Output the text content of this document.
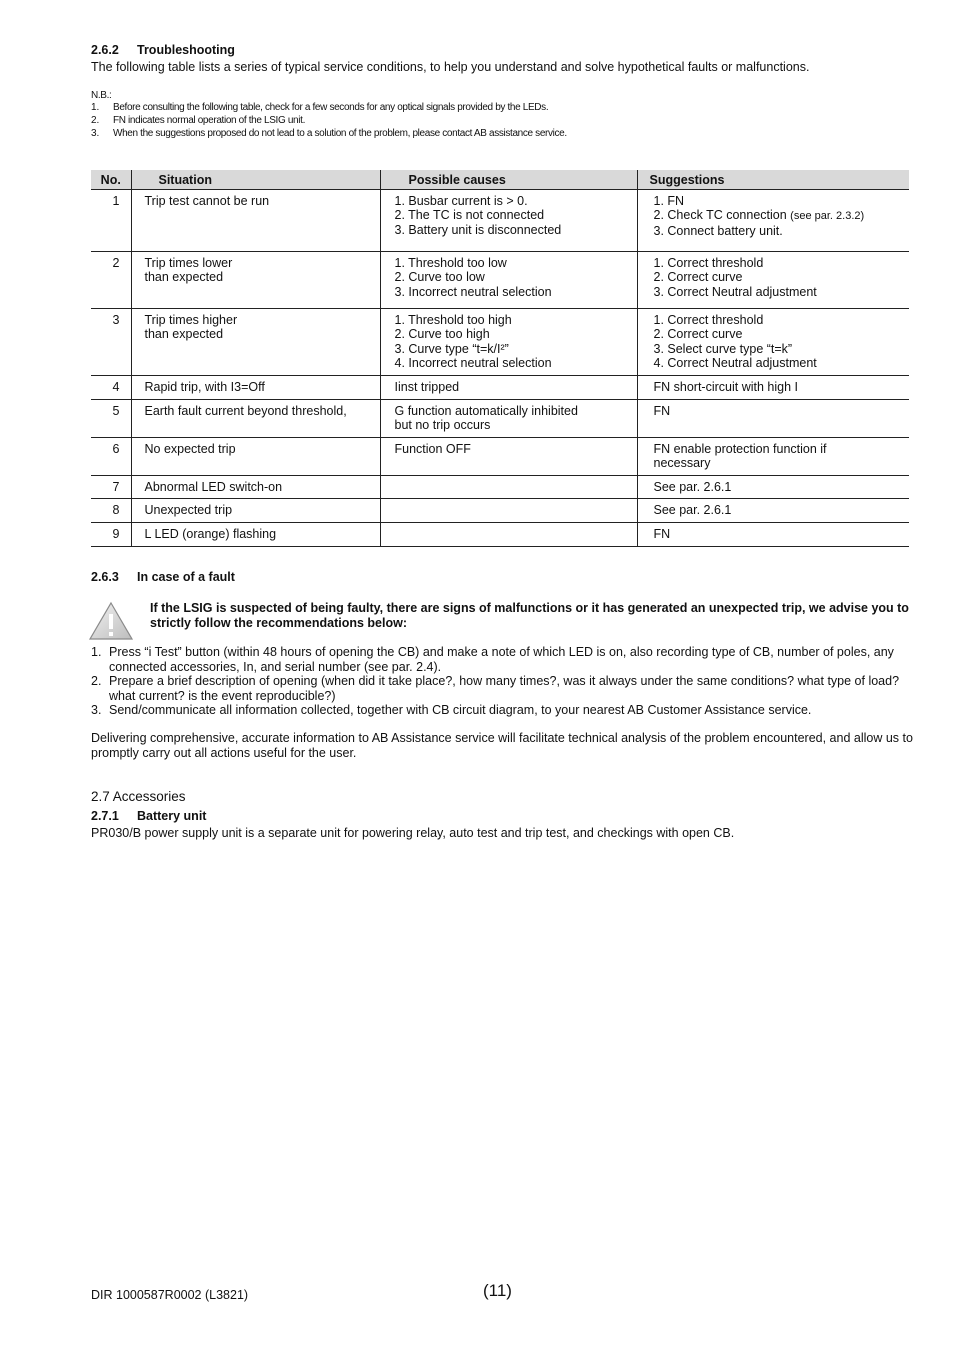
2.6.2 Troubleshooting
The following table lists a series of typical service conditions, to help you understand and solve hypothetical faults or malfunctions.
N.B.:
1. Before consulting the following table, check for a few seconds for any optical signals provided by the LEDs.
2. FN indicates normal operation of the LSIG unit.
3. When the suggestions proposed do not lead to a solution of the problem, please contact AB assistance service.
No.	Situation	Possible causes	Suggestions
1	Trip test cannot be run	1. Busbar current is > 0.
2. The TC is not connected
3. Battery unit is disconnected	1. FN
2. Check TC connection (see par. 2.3.2)
3. Connect battery unit.

2	Trip times lower
than expected	1. Threshold too low
2. Curve too low
3. Incorrect neutral selection	1. Correct threshold
2. Correct curve
3. Correct Neutral adjustment

3	Trip times higher
than expected	1. Threshold too high
2. Curve too high
3. Curve type “t=k/I²”
4. Incorrect neutral selection	1. Correct threshold
2. Correct curve
3. Select curve type “t=k”
4. Correct Neutral adjustment

4	Rapid trip, with I3=Off	Iinst tripped	FN short-circuit with high I

5	Earth fault current beyond threshold,	G function automatically inhibited
but no trip occurs	FN

6	No expected trip	Function OFF	FN enable protection function if
necessary

7	Abnormal LED switch-on		See par. 2.6.1

8	Unexpected trip		See par. 2.6.1

9	L LED (orange) flashing		FN
2.6.3 In case of a fault
If the LSIG is suspected of being faulty, there are signs of malfunctions or it has generated an unexpected trip, we advise you to strictly follow the recommendations below:
1. Press “i Test” button (within 48 hours of opening the CB) and make a note of which LED is on, also recording type of CB, number of poles, any connected accessories, In, and serial number (see par. 2.4).
2. Prepare a brief description of opening (when did it take place?, how many times?, was it always under the same conditions? what type of load? what current? is the event reproducible?)
3. Send/communicate all information collected, together with CB circuit diagram, to your nearest AB Customer Assistance service.
Delivering comprehensive, accurate information to AB Assistance service will facilitate technical analysis of the problem encountered, and allow us to promptly carry out all actions useful for the user.
2.7 Accessories
2.7.1 Battery unit
PR030/B power supply unit is a separate unit for powering relay, auto test and trip test, and checkings with open CB.
DIR 1000587R0002 (L3821)	(11)
